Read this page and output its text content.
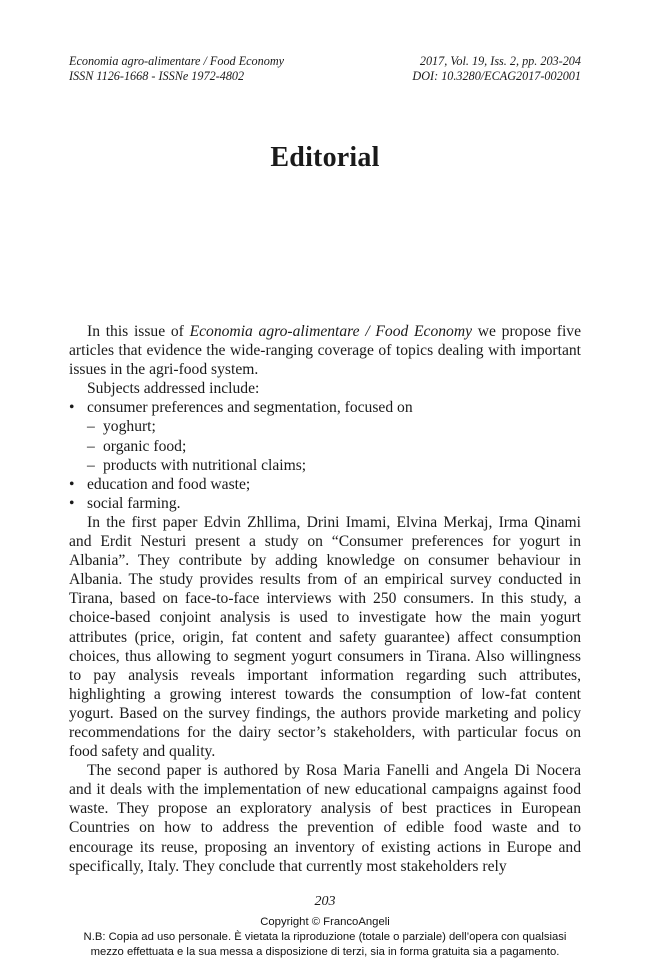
Economia agro-alimentare / Food Economy
ISSN 1126-1668 - ISSNe 1972-4802
2017, Vol. 19, Iss. 2, pp. 203-204
DOI: 10.3280/ECAG2017-002001
Editorial

In this issue of Economia agro-alimentare / Food Economy we propose five articles that evidence the wide-ranging coverage of topics dealing with important issues in the agri-food system.

Subjects addressed include:

• consumer preferences and segmentation, focused on
– yoghurt;
– organic food;
– products with nutritional claims;
• education and food waste;
• social farming.

In the first paper Edvin Zhllima, Drini Imami, Elvina Merkaj, Irma Qinami and Erdit Nesturi present a study on “Consumer preferences for yogurt in Albania”. They contribute by adding knowledge on consumer behaviour in Albania. The study provides results from of an empirical survey conducted in Tirana, based on face-to-face interviews with 250 consumers. In this study, a choice-based conjoint analysis is used to investigate how the main yogurt attributes (price, origin, fat content and safety guarantee) affect consumption choices, thus allowing to segment yogurt consumers in Tirana. Also willingness to pay analysis reveals important information regarding such attributes, highlighting a growing interest towards the consumption of low-fat content yogurt. Based on the survey findings, the authors provide marketing and policy recommendations for the dairy sector’s stakeholders, with particular focus on food safety and quality.

The second paper is authored by Rosa Maria Fanelli and Angela Di Nocera and it deals with the implementation of new educational campaigns against food waste. They propose an exploratory analysis of best practices in European Countries on how to address the prevention of edible food waste and to encourage its reuse, proposing an inventory of existing actions in Europe and specifically, Italy. They conclude that currently most stakeholders rely

203
Copyright © FrancoAngeli
N.B: Copia ad uso personale. È vietata la riproduzione (totale o parziale) dell’opera con qualsiasi
mezzo effettuata e la sua messa a disposizione di terzi, sia in forma gratuita sia a pagamento.
